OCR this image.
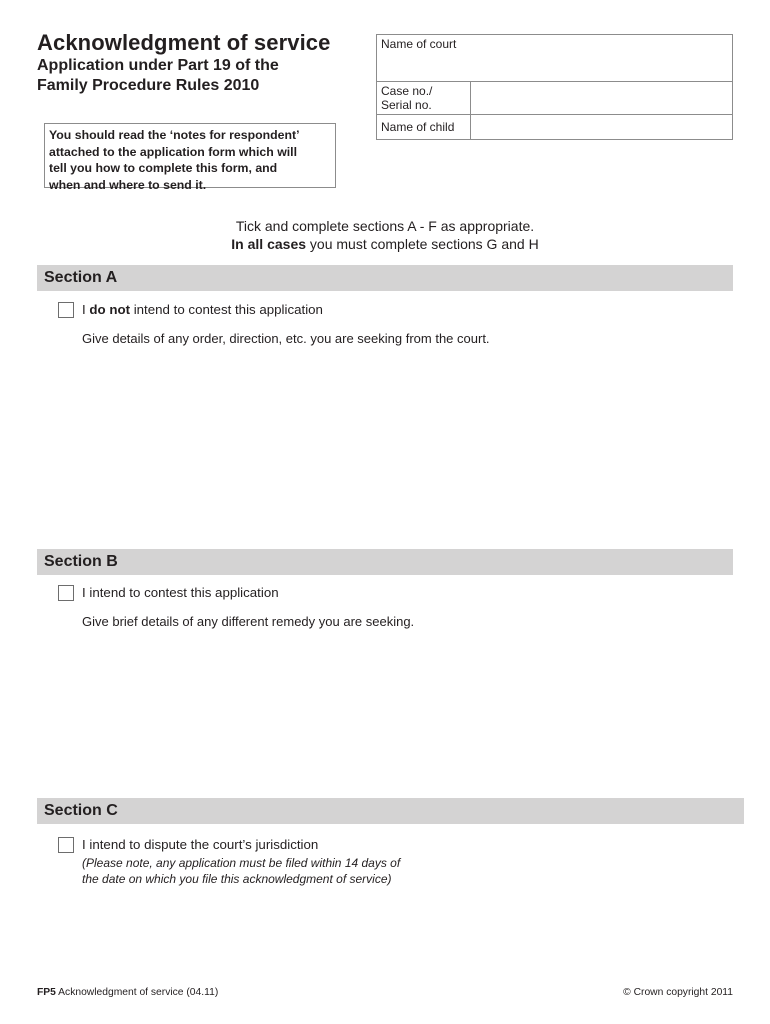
Acknowledgment of service
Application under Part 19 of the
Family Procedure Rules 2010
You should read the ‘notes for respondent’
attached to the application form which will
tell you how to complete this form, and
when and where to send it.
Name of court
Case no./
Serial no.
Name of child
Tick and complete sections A - F as appropriate.
In all cases you must complete sections G and H
Section A
I do not intend to contest this application
Give details of any order, direction, etc. you are seeking from the court.
Section B
I intend to contest this application
Give brief details of any different remedy you are seeking.
Section C
I intend to dispute the court’s jurisdiction
(Please note, any application must be filed within 14 days of
the date on which you file this acknowledgment of service)
FP5 Acknowledgment of service (04.11)	© Crown copyright 2011
